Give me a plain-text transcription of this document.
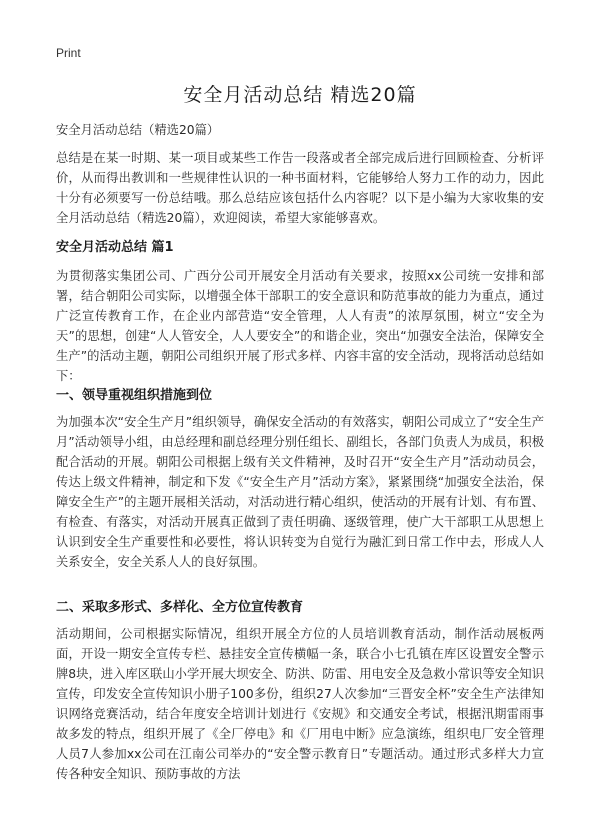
Print
安全月活动总结 精选20篇
安全月活动总结（精选20篇）
总结是在某一时期、某一项目或某些工作告一段落或者全部完成后进行回顾检查、分析评价，从而得出教训和一些规律性认识的一种书面材料，它能够给人努力工作的动力，因此十分有必须要写一份总结哦。那么总结应该包括什么内容呢？以下是小编为大家收集的安全月活动总结（精选20篇），欢迎阅读，希望大家能够喜欢。
安全月活动总结 篇1
为贯彻落实集团公司、广西分公司开展安全月活动有关要求，按照xx公司统一安排和部署，结合朝阳公司实际，以增强全体干部职工的安全意识和防范事故的能力为重点，通过广泛宣传教育工作，在企业内部营造“安全管理，人人有责”的浓厚氛围，树立“安全为天”的思想，创建“人人管安全，人人要安全”的和谐企业，突出“加强安全法治，保障安全生产”的活动主题，朝阳公司组织开展了形式多样、内容丰富的安全活动，现将活动总结如下：
一、领导重视组织措施到位
为加强本次“安全生产月”组织领导，确保安全活动的有效落实，朝阳公司成立了“安全生产月”活动领导小组，由总经理和副总经理分别任组长、副组长，各部门负责人为成员，积极配合活动的开展。朝阳公司根据上级有关文件精神，及时召开“安全生产月”活动动员会，传达上级文件精神，制定和下发《“安全生产月”活动方案》，紧紧围绕“加强安全法治，保障安全生产”的主题开展相关活动，对活动进行精心组织，使活动的开展有计划、有布置、有检查、有落实，对活动开展真正做到了责任明确、逐级管理，使广大干部职工从思想上认识到安全生产重要性和必要性，将认识转变为自觉行为融汇到日常工作中去，形成人人关系安全，安全关系人人的良好氛围。
二、采取多形式、多样化、全方位宣传教育
活动期间，公司根据实际情况，组织开展全方位的人员培训教育活动，制作活动展板两面，开设一期安全宣传专栏、悬挂安全宣传横幅一条，联合小七孔镇在库区设置安全警示牌8块，进入库区联山小学开展大坝安全、防洪、防雷、用电安全及急救小常识等安全知识宣传，印发安全宣传知识小册子100多份，组织27人次参加“三晋安全杯”安全生产法律知识网络竞赛活动，结合年度安全培训计划进行《安规》和交通安全考试，根据汛期雷雨事故多发的特点，组织开展了《全厂停电》和《厂用电中断》应急演练，组织电厂安全管理人员7人参加xx公司在江南公司举办的“安全警示教育日”专题活动。通过形式多样大力宣传各种安全知识、预防事故的方法
